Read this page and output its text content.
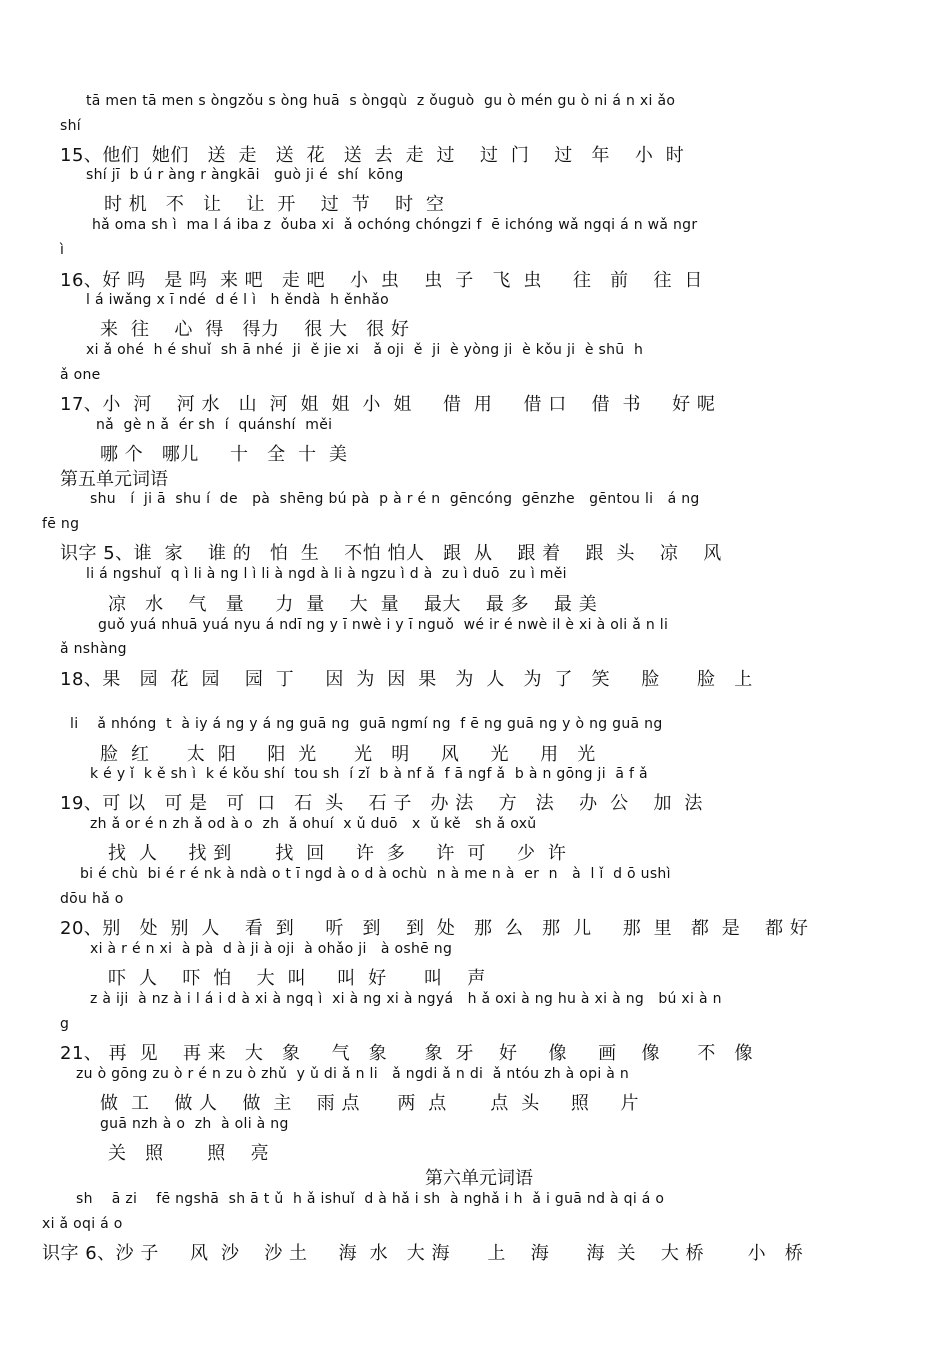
tā men tā men s òngzǒu s òng huā  s òngqù  z ǒuguò  gu ò mén gu ò ni á n xi ǎo
shí
15、他们  她们   送  走   送  花   送  去  走  过    过  门    过   年    小  时
shí jī  b ú r àng r àngkāi   guò ji é  shí  kōng
时 机   不   让    让  开    过  节    时  空
hǎ oma sh ì  ma l á iba z  ǒuba xi  ǎ ochóng chóngzi f  ē ichóng wǎ ngqi á n wǎ ngr
ì
16、好 吗   是 吗  来 吧   走 吧    小  虫    虫  子   飞  虫     往   前    往  日
l á iwǎng x ī ndé  d é l ì   h ěndà  h ěnhǎo
来  往    心  得   得力    很 大   很 好
xi ǎ ohé  h é shuǐ  sh ā nhé  ji  ě jie xi   ǎ oji  ě  ji  è yòng ji  è kǒu ji  è shū  h
ǎ one
17、小  河    河 水   山  河  姐  姐  小  姐     借  用     借 口    借  书     好 呢
nǎ  gè n ǎ  ér sh  í  quánshí  měi
哪 个   哪儿     十   全  十  美
第五单元词语
shu   í  ji ā  shu í  de   pà  shēng bú pà  p à r é n  gēncóng  gēnzhe   gēntou li   á ng
fē ng
识字 5、谁  家    谁 的   怕  生    不怕 怕人   跟  从    跟 着    跟  头    凉    风
li á ngshuǐ  q ì li à ng l ì li à ngd à li à ngzu ì d à  zu ì duō  zu ì měi
凉   水    气   量     力  量    大  量    最大    最 多    最 美
guǒ yuá nhuā yuá nyu á ndī ng y ī nwè i y ī nguǒ  wé ir é nwè il è xi à oli ǎ n li
ǎ nshàng
18、果   园  花  园    园  丁     因  为  因  果   为  人   为  了   笑     脸      脸   上
li    ǎ nhóng  t  à iy á ng y á ng guā ng  guā ngmí ng  f ē ng guā ng y ò ng guā ng
脸  红      太  阳     阳  光      光   明     风     光     用   光
k é y ǐ  k ě sh ì  k é kǒu shí  tou sh  í zǐ  b à nf ǎ  f ā ngf ǎ  b à n gōng ji  ā f ǎ
19、可 以   可 是   可  口   石  头    石 子   办 法    方   法    办  公    加  法
zh ǎ or é n zh ǎ od à o  zh  ǎ ohuí  x ǔ duō   x  ǔ kě   sh ǎ oxǔ
找  人     找 到       找  回     许  多     许  可     少  许
bi é chù  bi é r é nk à ndà o t ī ngd à o d à ochù  n à me n à  er  n   à  l ǐ  d ō ushì
dōu hǎ o
20、别   处  别  人    看  到     听   到    到  处   那  么   那  儿     那  里   都  是    都 好
xi à r é n xi  à pà  d à ji à oji  à ohǎo ji   à oshē ng
吓  人    吓  怕    大  叫     叫  好      叫    声
z à iji  à nz à i l á i d à xi à ngq ì  xi à ng xi à ngyá   h ǎ oxi à ng hu à xi à ng   bú xi à n
g
21、 再  见    再 来   大   象     气   象      象  牙    好     像     画    像      不   像
zu ò gōng zu ò r é n zu ò zhǔ  y ǔ di ǎ n li   ǎ ngdi ǎ n di  ǎ ntóu zh à opi à n
做  工    做 人    做  主    雨 点      两  点       点  头     照     片
guā nzh à o  zh  à oli à ng
关   照       照    亮
第六单元词语
sh    ā zi    fē ngshā  sh ā t ǔ  h ǎ ishuǐ  d à hǎ i sh  à nghǎ i h  ǎ i guā nd à qi á o
xi ǎ oqi á o
识字 6、沙 子     风  沙    沙 土     海  水   大 海      上    海      海  关    大 桥       小   桥
